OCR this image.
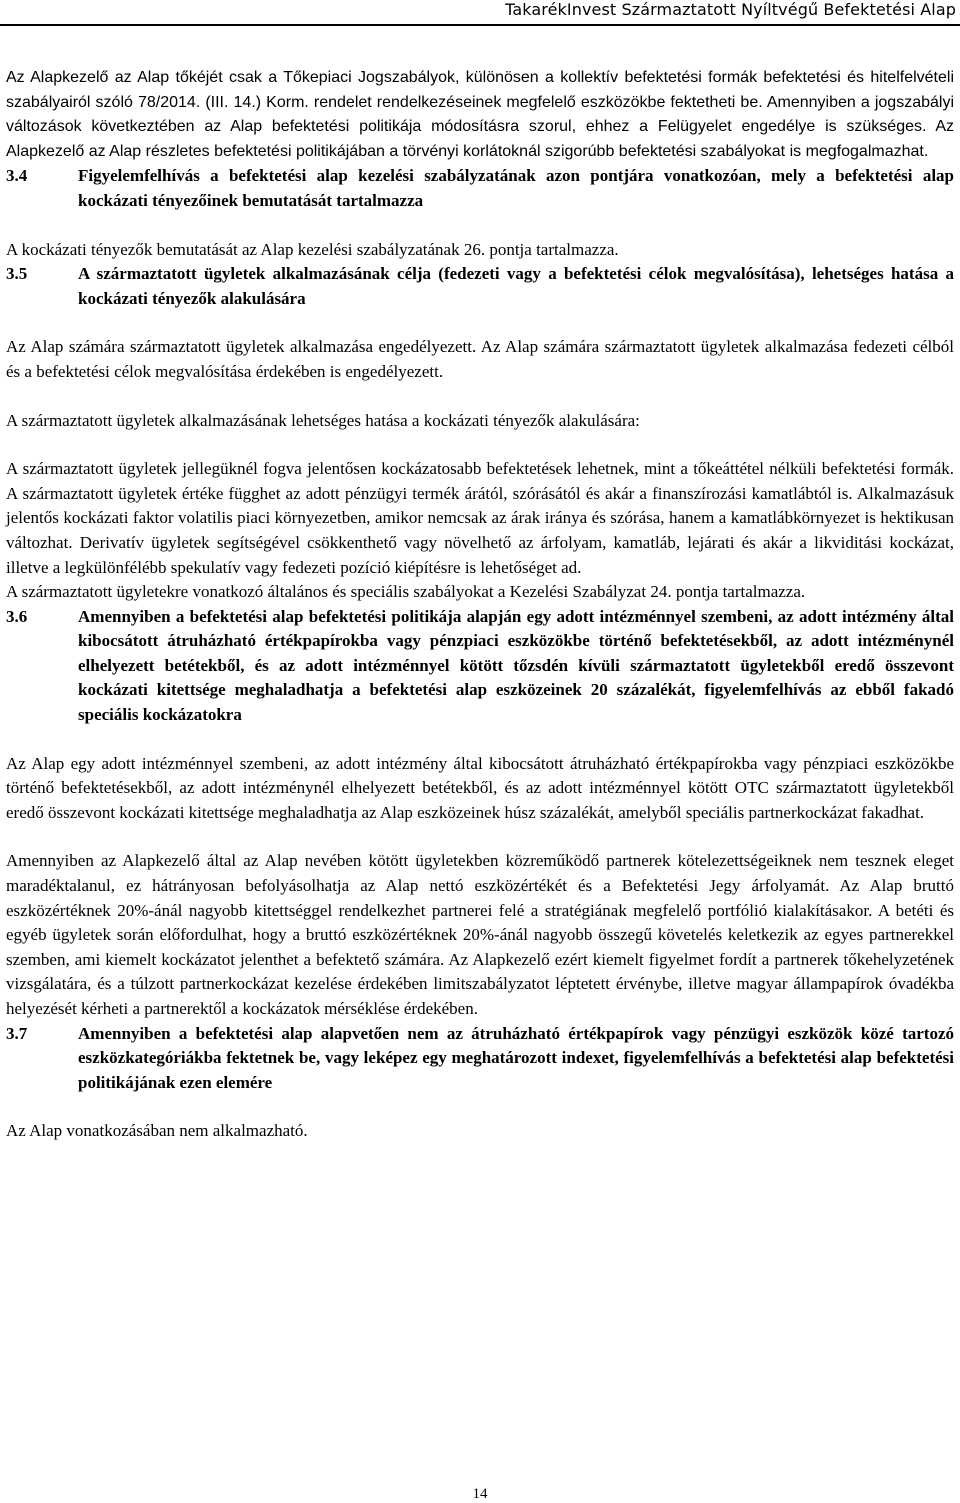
TakarékInvest Származtatott Nyíltvégű Befektetési Alap

Az Alapkezelő az Alap tőkéjét csak a Tőkepiaci Jogszabályok, különösen a kollektív befektetési formák befektetési és hitelfelvételi szabályairól szóló 78/2014. (III. 14.) Korm. rendelet rendelkezéseinek megfelelő eszközökbe fektetheti be. Amennyiben a jogszabályi változások következtében az Alap befektetési politikája módosításra szorul, ehhez a Felügyelet engedélye is szükséges. Az Alapkezelő az Alap részletes befektetési politikájában a törvényi korlátoknál szigorúbb befektetési szabályokat is megfogalmazhat.

3.4	Figyelemfelhívás a befektetési alap kezelési szabályzatának azon pontjára vonatkozóan, mely a befektetési alap kockázati tényezőinek bemutatását tartalmazza

A kockázati tényezők bemutatását az Alap kezelési szabályzatának 26. pontja tartalmazza.

3.5	A származtatott ügyletek alkalmazásának célja (fedezeti vagy a befektetési célok megvalósítása), lehetséges hatása a kockázati tényezők alakulására

Az Alap számára származtatott ügyletek alkalmazása engedélyezett. Az Alap számára származtatott ügyletek alkalmazása fedezeti célból és a befektetési célok megvalósítása érdekében is engedélyezett.

A származtatott ügyletek alkalmazásának lehetséges hatása a kockázati tényezők alakulására:

A származtatott ügyletek jellegüknél fogva jelentősen kockázatosabb befektetések lehetnek, mint a tőkeáttétel nélküli befektetési formák. A származtatott ügyletek értéke függhet az adott pénzügyi termék árától, szórásától és akár a finanszírozási kamatlábtól is. Alkalmazásuk jelentős kockázati faktor volatilis piaci környezetben, amikor nemcsak az árak iránya és szórása, hanem a kamatlábkörnyezet is hektikusan változhat. Derivatív ügyletek segítségével csökkenthető vagy növelhető az árfolyam, kamatláb, lejárati és akár a likviditási kockázat, illetve a legkülönfélébb spekulatív vagy fedezeti pozíció kiépítésre is lehetőséget ad.

A származtatott ügyletekre vonatkozó általános és speciális szabályokat a Kezelési Szabályzat 24. pontja tartalmazza.

3.6	Amennyiben a befektetési alap befektetési politikája alapján egy adott intézménnyel szembeni, az adott intézmény által kibocsátott átruházható értékpapírokba vagy pénzpiaci eszközökbe történő befektetésekből, az adott intézménynél elhelyezett betétekből, és az adott intézménnyel kötött tőzsdén kívüli származtatott ügyletekből eredő összevont kockázati kitettsége meghaladhatja a befektetési alap eszközeinek 20 százalékát, figyelemfelhívás az ebből fakadó speciális kockázatokra

Az Alap egy adott intézménnyel szembeni, az adott intézmény által kibocsátott átruházható értékpapírokba vagy pénzpiaci eszközökbe történő befektetésekből, az adott intézménynél elhelyezett betétekből, és az adott intézménnyel kötött OTC származtatott ügyletekből eredő összevont kockázati kitettsége meghaladhatja az Alap eszközeinek húsz százalékát, amelyből speciális partnerkockázat fakadhat.

Amennyiben az Alapkezelő által az Alap nevében kötött ügyletekben közreműködő partnerek kötelezettségeiknek nem tesznek eleget maradéktalanul, ez hátrányosan befolyásolhatja az Alap nettó eszközértékét és a Befektetési Jegy árfolyamát. Az Alap bruttó eszközértéknek 20%-ánál nagyobb kitettséggel rendelkezhet partnerei felé a stratégiának megfelelő portfólió kialakításakor. A betéti és egyéb ügyletek során előfordulhat, hogy a bruttó eszközértéknek 20%-ánál nagyobb összegű követelés keletkezik az egyes partnerekkel szemben, ami kiemelt kockázatot jelenthet a befektető számára. Az Alapkezelő ezért kiemelt figyelmet fordít a partnerek tőkehelyzetének vizsgálatára, és a túlzott partnerkockázat kezelése érdekében limitszabályzatot léptetett érvénybe, illetve magyar állampapírok óvadékba helyezését kérheti a partnerektől a kockázatok mérséklése érdekében.

3.7	Amennyiben a befektetési alap alapvetően nem az átruházható értékpapírok vagy pénzügyi eszközök közé tartozó eszközkategóriákba fektetnek be, vagy leképez egy meghatározott indexet, figyelemfelhívás a befektetési alap befektetési politikájának ezen elemére

Az Alap vonatkozásában nem alkalmazható.

14
